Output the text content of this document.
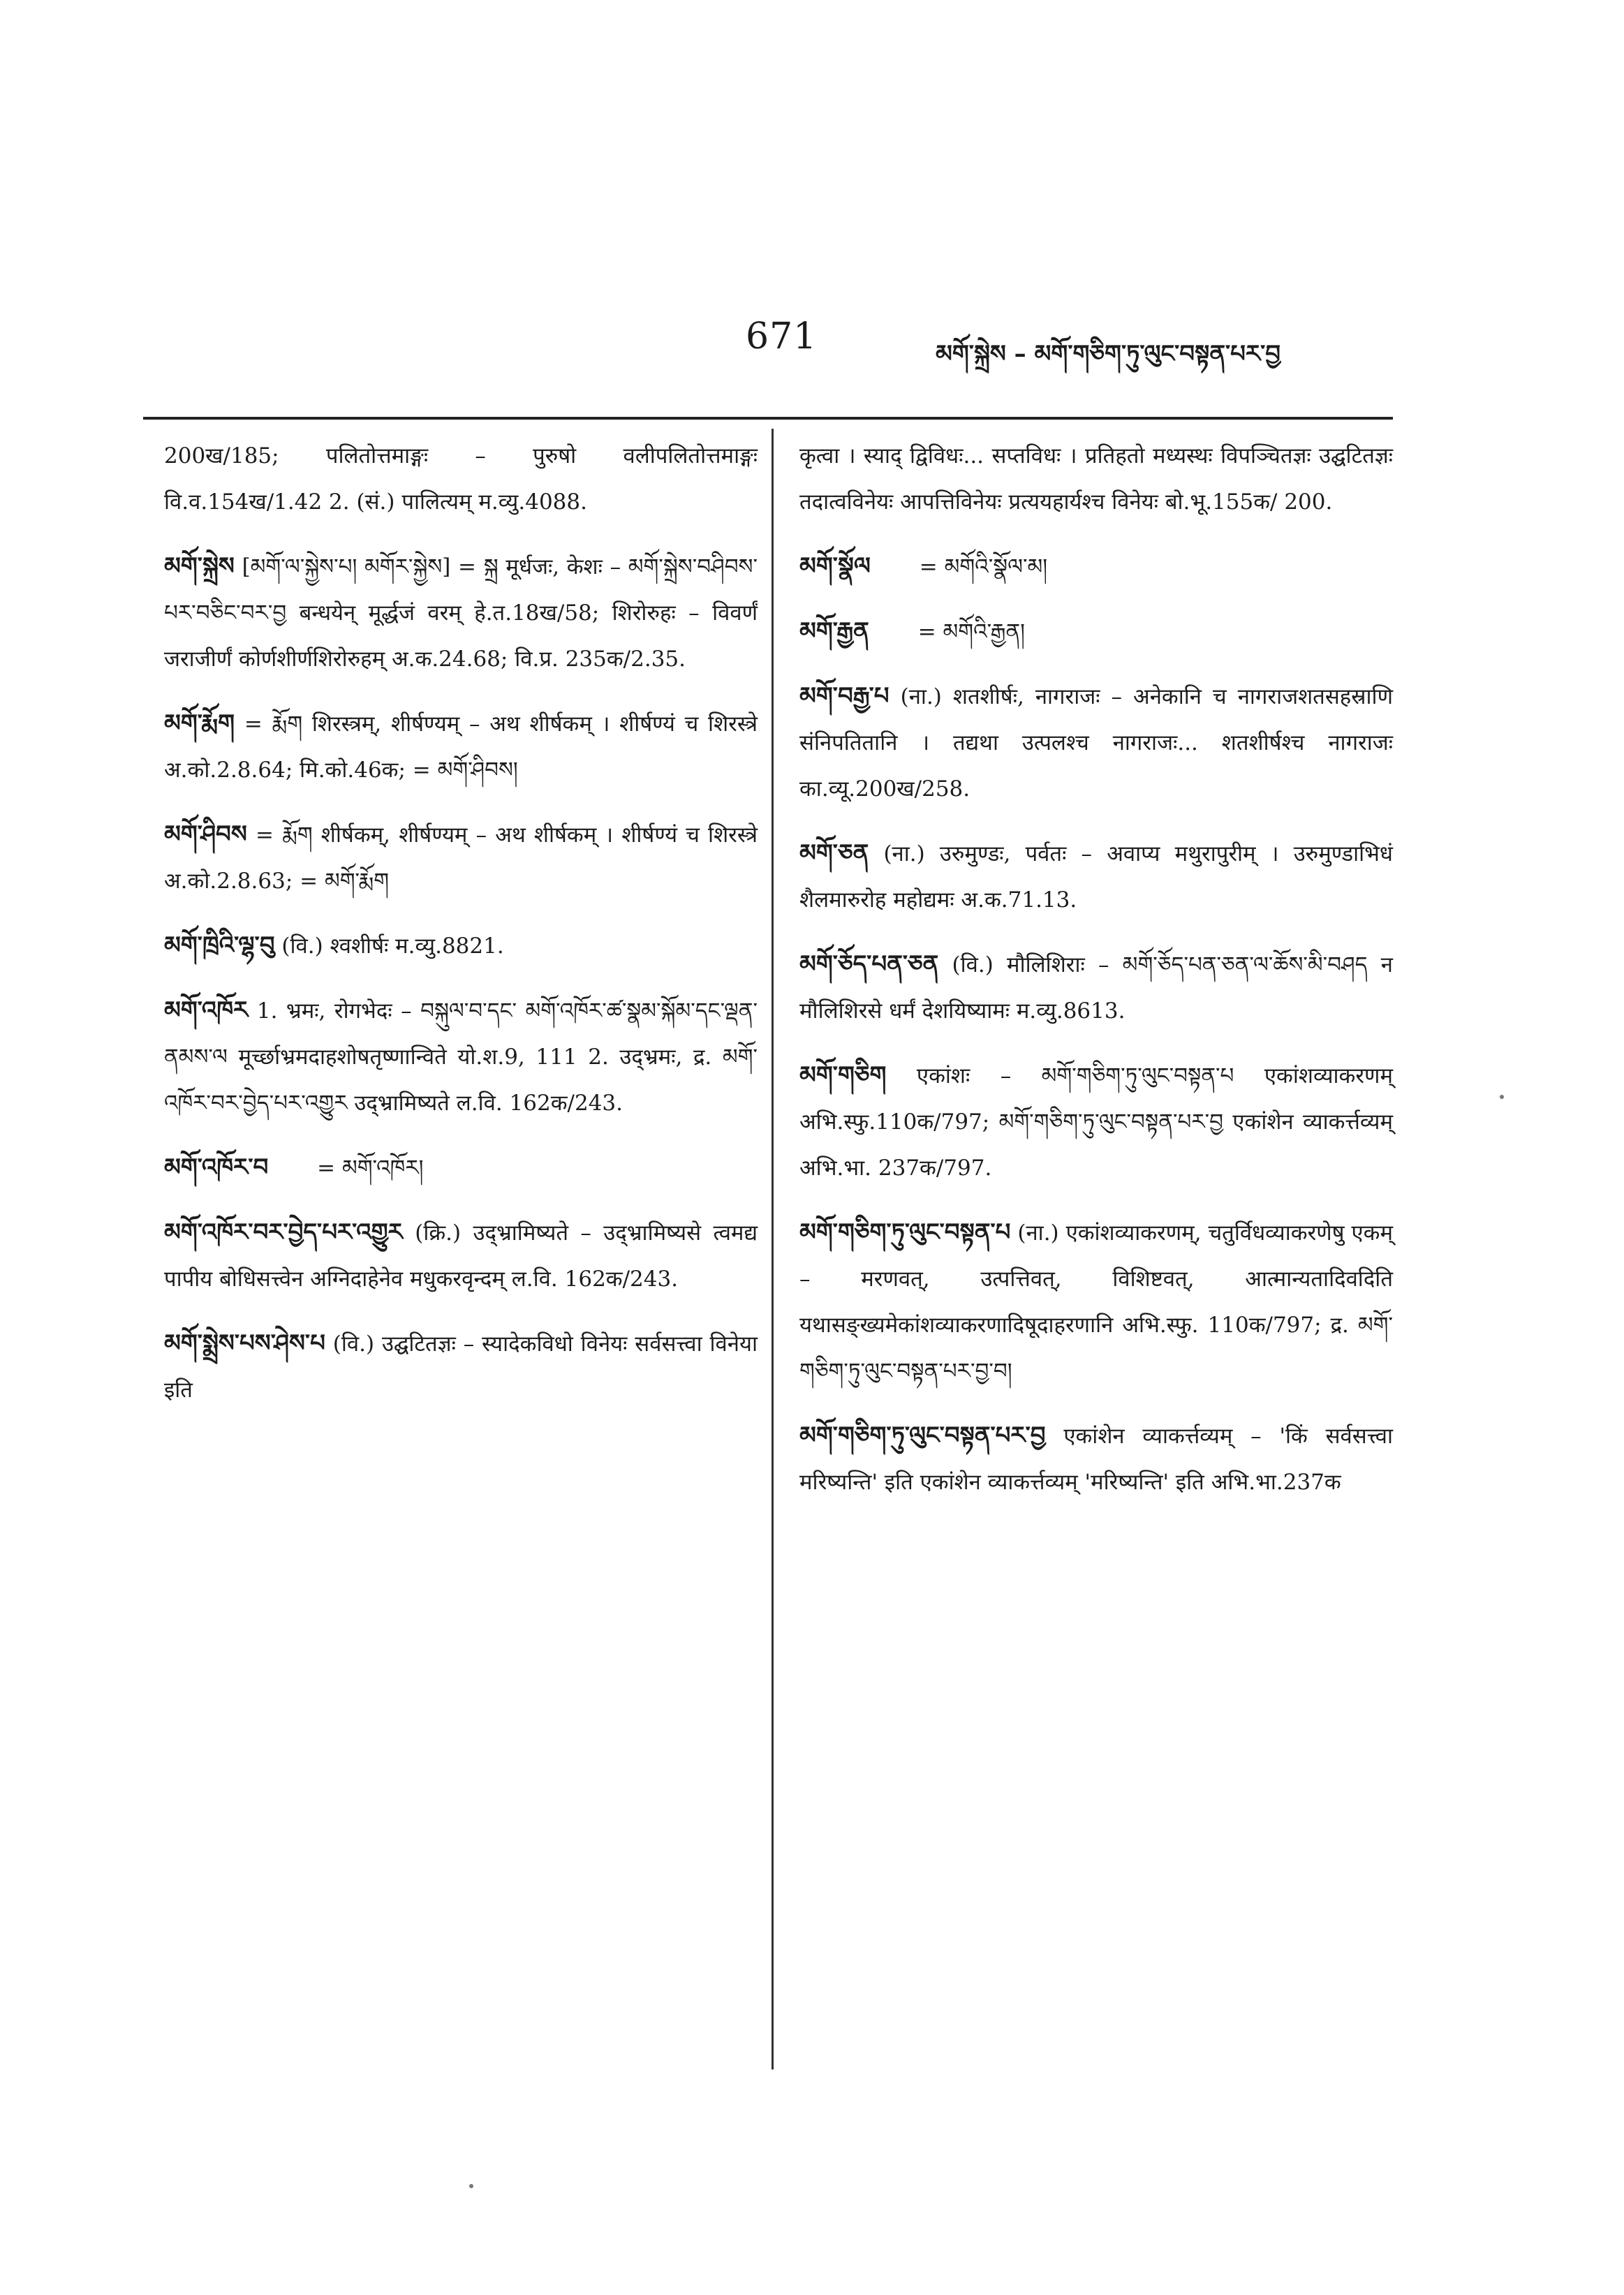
671	མགོ་སྐྲེས – མགོ་གཅིག་ཏུ་ལུང་བསྟན་པར་བྱ
200ख/185; पलितोत्तमाङ्गः – पुरुषो वलीपलितोत्तमाङ्गः वि.व.154ख/1.42 2. (सं.) पालित्यम् म.व्यु.4088.
མགོ་སྐྲེས [མགོ་ལ་སྐྱེས་པ། མགོར་སྐྱེས] = སྐྲ मूर्धजः, केशः – མགོ་སྐྲེས་བཤིབས་པར་བཅིང་བར་བྱ बन्धयेन् मूर्द्धजं वरम् हे.त.18ख/58; शिरोरुहः – विवर्णं जराजीर्णं कोर्णशीर्णशिरोरुहम् अ.क.24.68; वि.प्र. 235क/2.35.
མགོ་རྨོག = རྨོག शिरस्त्रम्, शीर्षण्यम् – अथ शीर्षकम् । शीर्षण्यं च शिरस्त्रे अ.को.2.8.64; मि.को.46क; = མགོ་ཤིབས།
མགོ་ཤིབས = རྨོག शीर्षकम्, शीर्षण्यम् – अथ शीर्षकम् । शीर्षण्यं च शिरस्त्रे अ.को.2.8.63; = མགོ་རྨོག
མགོ་ཁྲིའི་ལྷ་བུ (वि.) श्वशीर्षः म.व्यु.8821.
མགོ་འཁོར 1. भ्रमः, रोगभेदः – བསྐུལ་བ་དང་ མགོ་འཁོར་ཚ་སྣམ་སྐོམ་དང་ལྡན་ནམས་ལ मूर्च्छाभ्रमदाहशोषतृष्णान्विते यो.श.9, 111 2. उद्भ्रमः, द्र. མགོ་འཁོར་བར་བྱེད་པར་འགྱུར उद्भ्रामिष्यते ल.वि. 162क/243.
མགོ་འཁོར་བ = མགོ་འཁོར།
མགོ་འཁོར་བར་བྱེད་པར་འགྱུར (क्रि.) उद्भ्रामिष्यते – उद्भ्रामिष्यसे त्वमद्य पापीय बोधिसत्त्वेन अग्निदाहेनेव मधुकरवृन्दम् ल.वि. 162क/243.
མགོ་སྨྲེས་པས་ཤེས་པ (वि.) उद्घटितज्ञः – स्यादेकविधो विनेयः सर्वसत्त्वा विनेया इति
कृत्वा । स्याद् द्विविधः... सप्तविधः । प्रतिहतो मध्यस्थः विपञ्चितज्ञः उद्घटितज्ञः तदात्वविनेयः आपत्तिविनेयः प्रत्ययहार्यश्च विनेयः बो.भू.155क/ 200.
མགོ་སྣོལ = མགོའི་སྣོལ་མ།
མགོ་རྒྱན = མགོའི་རྒྱན།
མགོ་བརྒྱ་པ (ना.) शतशीर्षः, नागराजः – अनेकानि च नागराजशतसहस्राणि संनिपतितानि । तद्यथा उत्पलश्च नागराजः... शतशीर्षश्च नागराजः का.व्यू.200ख/258.
མགོ་ཅན (ना.) उरुमुण्डः, पर्वतः – अवाप्य मथुरापुरीम् । उरुमुण्डाभिधं शैलमारुरोह महोद्यमः अ.क.71.13.
མགོ་ཅོད་པན་ཅན (वि.) मौलिशिराः – མགོ་ཅོད་པན་ཅན་ལ་ཆོས་མི་བཤད न मौलिशिरसे धर्मं देशयिष्यामः म.व्यु.8613.
མགོ་གཅིག एकांशः – མགོ་གཅིག་ཏུ་ལུང་བསྟན་པ एकांशव्याकरणम् अभि.स्फु.110क/797; མགོ་གཅིག་ཏུ་ལུང་བསྟན་པར་བྱ एकांशेन व्याकर्त्तव्यम् अभि.भा. 237क/797.
མགོ་གཅིག་ཏུ་ལུང་བསྟན་པ (ना.) एकांशव्याकरणम्, चतुर्विधव्याकरणेषु एकम् – मरणवत्, उत्पत्तिवत्, विशिष्टवत्, आत्मान्यतादिवदिति यथासङ्ख्यमेकांशव्याकरणादिषूदाहरणानि अभि.स्फु. 110क/797; द्र. མགོ་གཅིག་ཏུ་ལུང་བསྟན་པར་བྱ་བ།
མགོ་གཅིག་ཏུ་ལུང་བསྟན་པར་བྱ एकांशेन व्याकर्त्तव्यम् – 'किं सर्वसत्त्वा मरिष्यन्ति' इति एकांशेन व्याकर्त्तव्यम् 'मरिष्यन्ति' इति अभि.भा.237क
